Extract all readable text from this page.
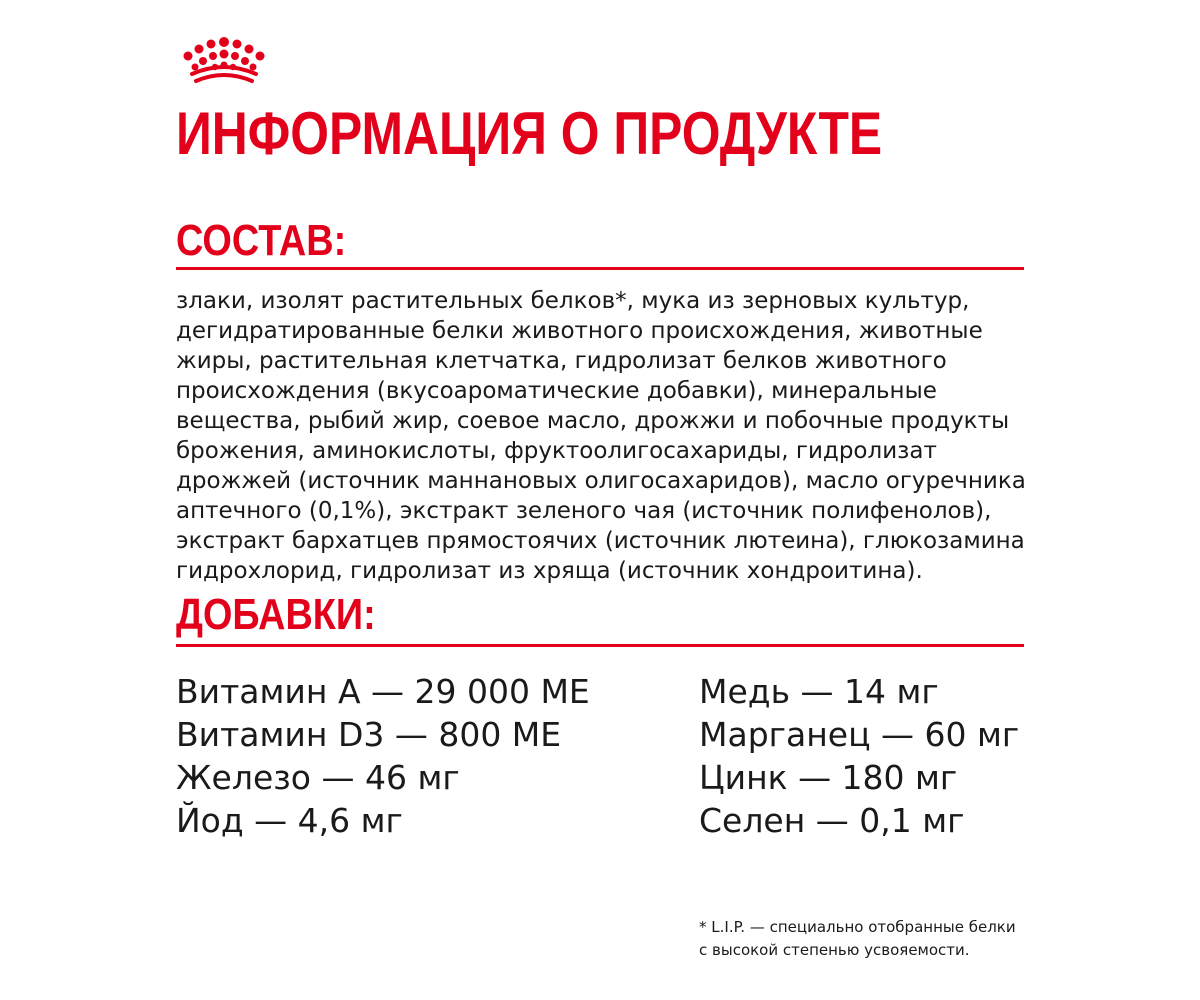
ИНФОРМАЦИЯ О ПРОДУКТЕ
СОСТАВ:

злаки, изолят растительных белков*, мука из зерновых культур,
дегидратированные белки животного происхождения, животные
жиры, растительная клетчатка, гидролизат белков животного
происхождения (вкусоароматические добавки), минеральные
вещества, рыбий жир, соевое масло, дрожжи и побочные продукты
брожения, аминокислоты, фруктоолигосахариды, гидролизат
дрожжей (источник маннановых олигосахаридов), масло огуречника
аптечного (0,1%), экстракт зеленого чая (источник полифенолов),
экстракт бархатцев прямостоячих (источник лютеина), глюкозамина
гидрохлорид, гидролизат из хряща (источник хондроитина).

ДОБАВКИ:
Витамин А — 29 000 МЕ
Витамин D3 — 800 МЕ
Железо — 46 мг
Йод — 4,6 мг
Медь — 14 мг
Марганец — 60 мг
Цинк — 180 мг
Селен — 0,1 мг

* L.I.P. — специально отобранные белки
с высокой степенью усвояемости.
